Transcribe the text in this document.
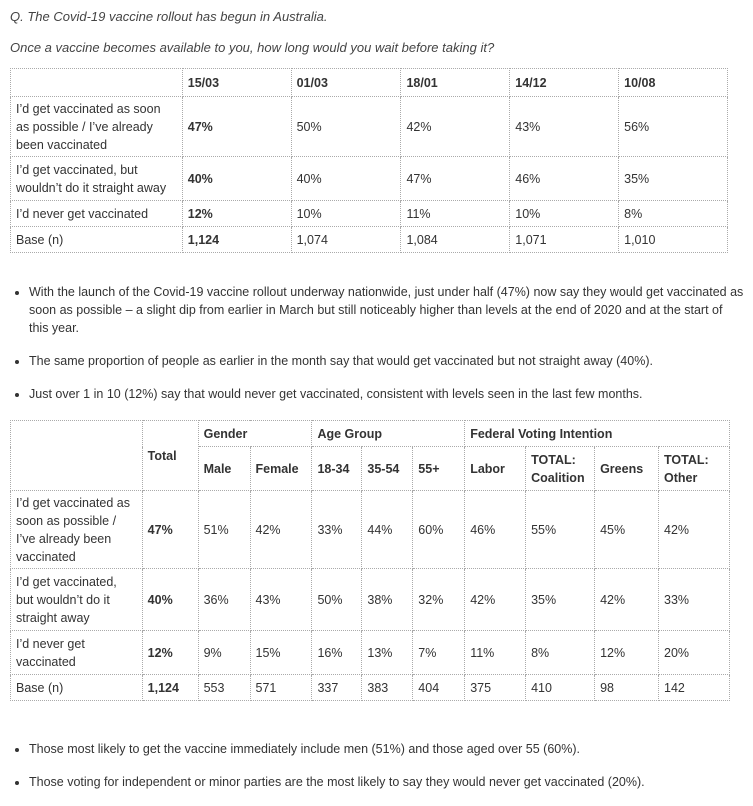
Q. The Covid-19 vaccine rollout has begun in Australia.
Once a vaccine becomes available to you, how long would you wait before taking it?
	15/03	01/03	18/01	14/12	10/08
I’d get vaccinated as soon as possible / I’ve already been vaccinated	47%	50%	42%	43%	56%
I’d get vaccinated, but wouldn’t do it straight away	40%	40%	47%	46%	35%
I’d never get vaccinated	12%	10%	11%	10%	8%
Base (n)	1,124	1,074	1,084	1,071	1,010
• With the launch of the Covid-19 vaccine rollout underway nationwide, just under half (47%) now say they would get vaccinated as soon as possible – a slight dip from earlier in March but still noticeably higher than levels at the end of 2020 and at the start of this year.
• The same proportion of people as earlier in the month say that would get vaccinated but not straight away (40%).
• Just over 1 in 10 (12%) say that would never get vaccinated, consistent with levels seen in the last few months.
	Total	Gender		Age Group			Federal Voting Intention			
		Male	Female	18-34	35-54	55+	Labor	TOTAL: Coalition	Greens	TOTAL: Other
I’d get vaccinated as soon as possible / I’ve already been vaccinated	47%	51%	42%	33%	44%	60%	46%	55%	45%	42%
I’d get vaccinated, but wouldn’t do it straight away	40%	36%	43%	50%	38%	32%	42%	35%	42%	33%
I’d never get vaccinated	12%	9%	15%	16%	13%	7%	11%	8%	12%	20%
Base (n)	1,124	553	571	337	383	404	375	410	98	142
• Those most likely to get the vaccine immediately include men (51%) and those aged over 55 (60%).
• Those voting for independent or minor parties are the most likely to say they would never get vaccinated (20%).
